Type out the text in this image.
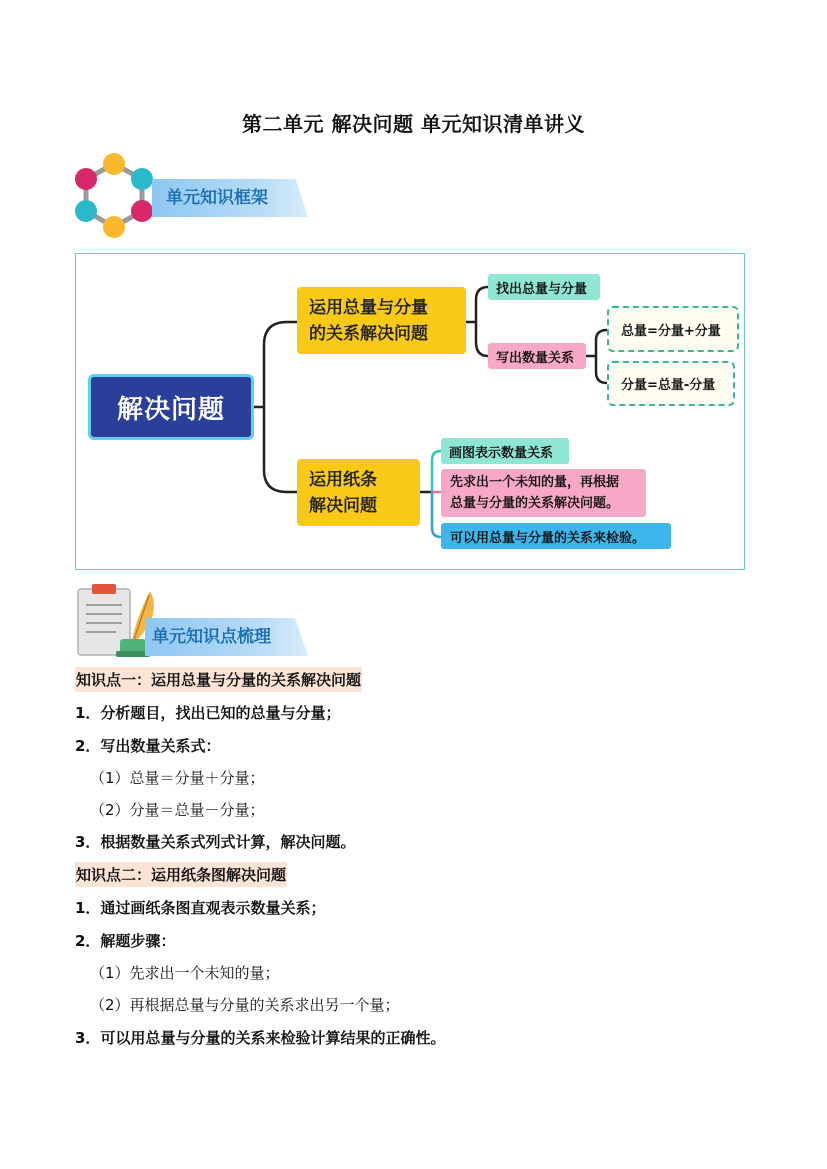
第二单元 解决问题 单元知识清单讲义
单元知识框架
解决问题
运用总量与分量
的关系解决问题
找出总量与分量
写出数量关系
总量=分量+分量
分量=总量-分量
运用纸条
解决问题
画图表示数量关系
先求出一个未知的量，再根据
总量与分量的关系解决问题。
可以用总量与分量的关系来检验。
单元知识点梳理
知识点一：运用总量与分量的关系解决问题
1．分析题目，找出已知的总量与分量；
2．写出数量关系式：
（1）总量＝分量＋分量；
（2）分量＝总量－分量；
3．根据数量关系式列式计算，解决问题。
知识点二：运用纸条图解决问题
1．通过画纸条图直观表示数量关系；
2．解题步骤：
（1）先求出一个未知的量；
（2）再根据总量与分量的关系求出另一个量；
3．可以用总量与分量的关系来检验计算结果的正确性。
